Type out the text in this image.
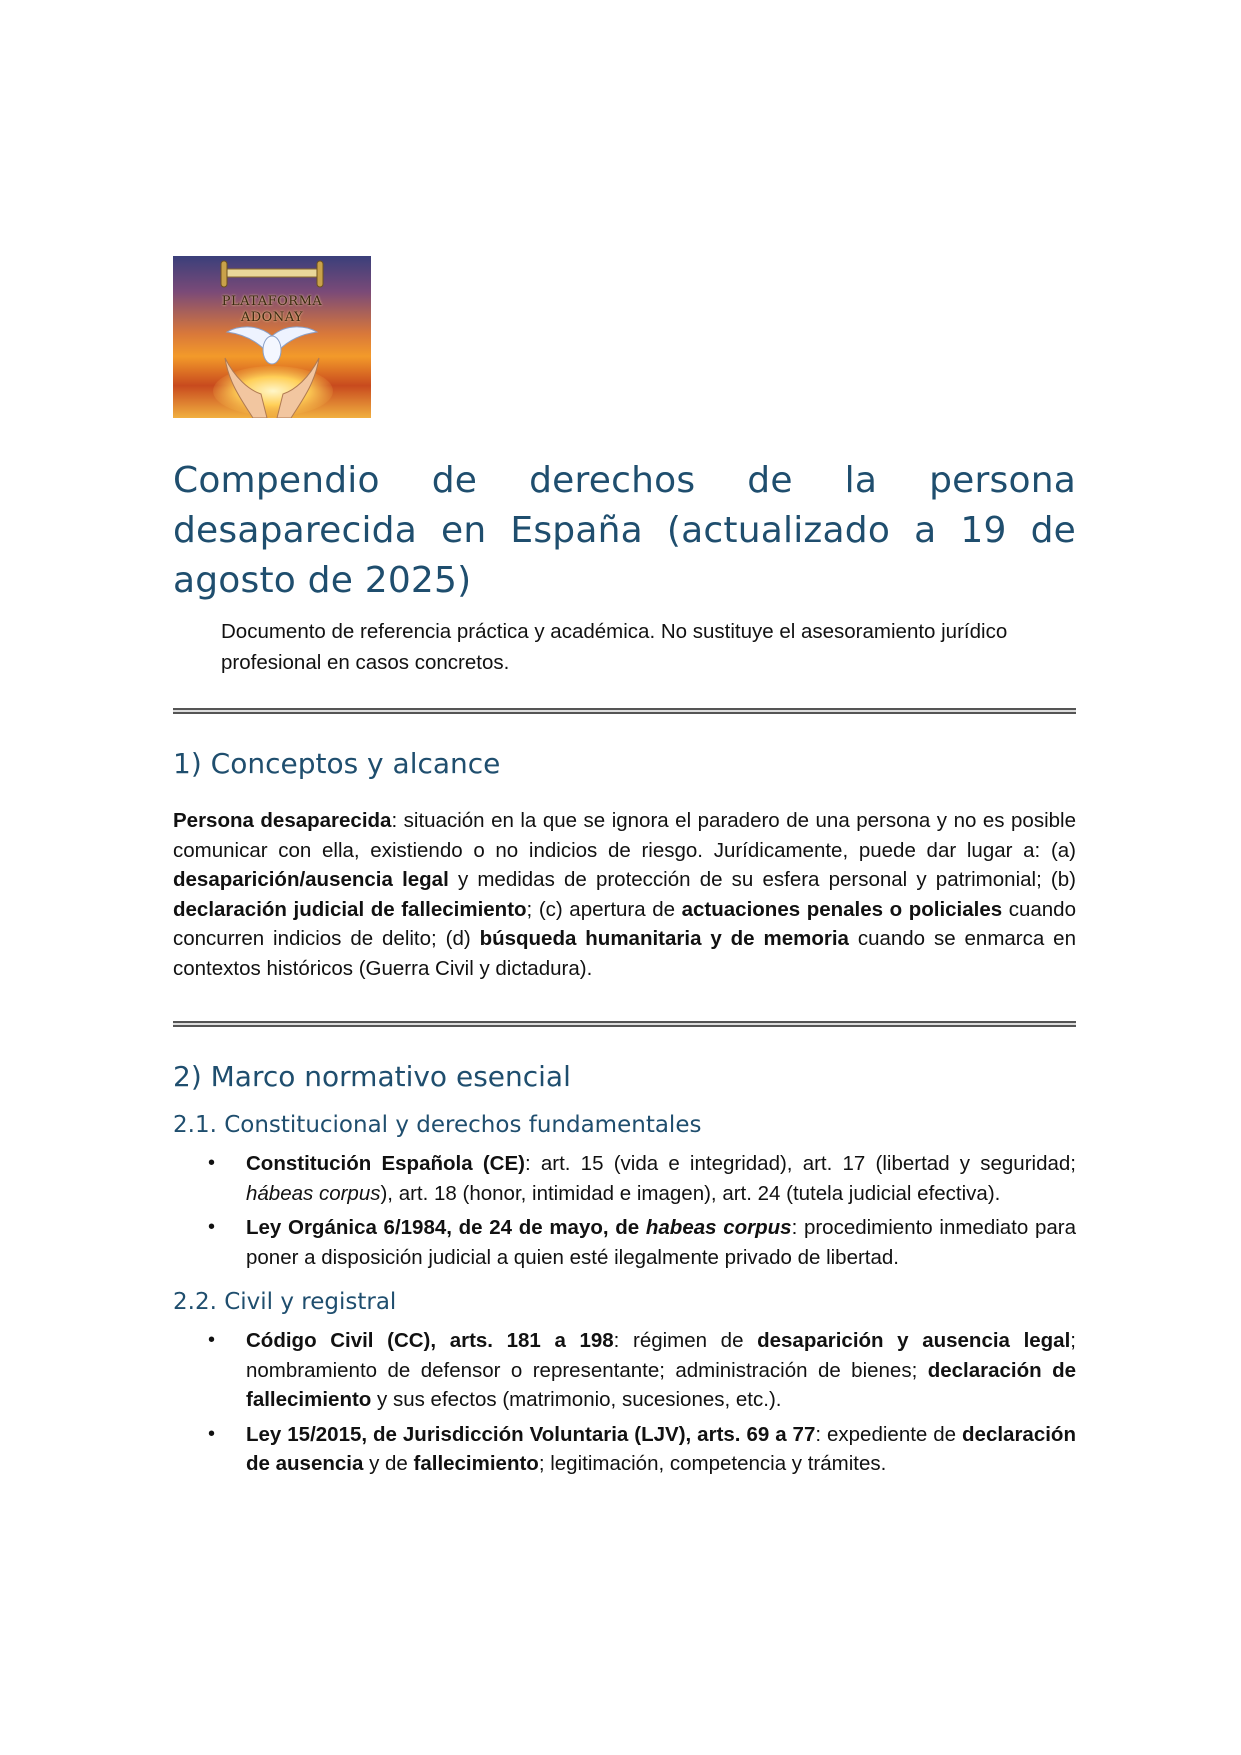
PLATAFORMA
ADONAY
Compendio de derechos de la persona desaparecida en España (actualizado a 19 de agosto de 2025)
Documento de referencia práctica y académica. No sustituye el asesoramiento jurídico profesional en casos concretos.
1) Conceptos y alcance

Persona desaparecida: situación en la que se ignora el paradero de una persona y no es posible comunicar con ella, existiendo o no indicios de riesgo. Jurídicamente, puede dar lugar a: (a) desaparición/ausencia legal y medidas de protección de su esfera personal y patrimonial; (b) declaración judicial de fallecimiento; (c) apertura de actuaciones penales o policiales cuando concurren indicios de delito; (d) búsqueda humanitaria y de memoria cuando se enmarca en contextos históricos (Guerra Civil y dictadura).

2) Marco normativo esencial
2.1. Constitucional y derechos fundamentales
• Constitución Española (CE): art. 15 (vida e integridad), art. 17 (libertad y seguridad; hábeas corpus), art. 18 (honor, intimidad e imagen), art. 24 (tutela judicial efectiva).
• Ley Orgánica 6/1984, de 24 de mayo, de habeas corpus: procedimiento inmediato para poner a disposición judicial a quien esté ilegalmente privado de libertad.
2.2. Civil y registral
• Código Civil (CC), arts. 181 a 198: régimen de desaparición y ausencia legal; nombramiento de defensor o representante; administración de bienes; declaración de fallecimiento y sus efectos (matrimonio, sucesiones, etc.).
• Ley 15/2015, de Jurisdicción Voluntaria (LJV), arts. 69 a 77: expediente de declaración de ausencia y de fallecimiento; legitimación, competencia y trámites.
